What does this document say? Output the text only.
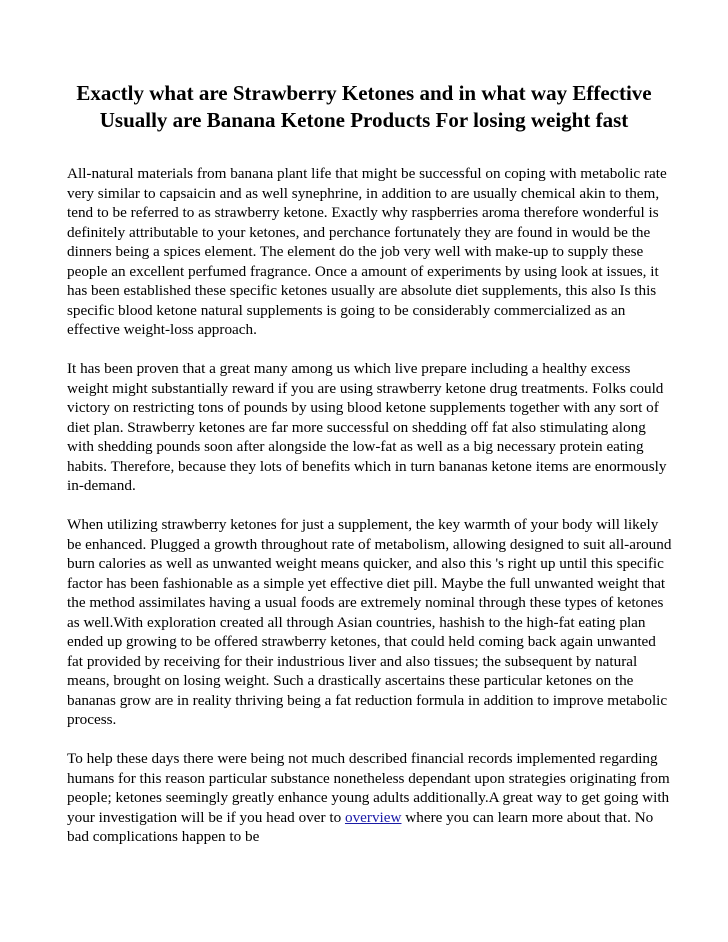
Exactly what are Strawberry Ketones and in what way Effective Usually are Banana Ketone Products For losing weight fast

All-natural materials from banana plant life that might be successful on coping with metabolic rate very similar to capsaicin and as well synephrine, in addition to are usually chemical akin to them, tend to be referred to as strawberry ketone. Exactly why raspberries aroma therefore wonderful is definitely attributable to your ketones, and perchance fortunately they are found in would be the dinners being a spices element. The element do the job very well with make-up to supply these people an excellent perfumed fragrance. Once a amount of experiments by using look at issues, it has been established these specific ketones usually are absolute diet supplements, this also Is this specific blood ketone natural supplements is going to be considerably commercialized as an effective weight-loss approach.

It has been proven that a great many among us which live prepare including a healthy excess weight might substantially reward if you are using strawberry ketone drug treatments. Folks could victory on restricting tons of pounds by using blood ketone supplements together with any sort of diet plan. Strawberry ketones are far more successful on shedding off fat also stimulating along with shedding pounds soon after alongside the low-fat as well as a big necessary protein eating habits. Therefore, because they lots of benefits which in turn bananas ketone items are enormously in-demand.

When utilizing strawberry ketones for just a supplement, the key warmth of your body will likely be enhanced. Plugged a growth throughout rate of metabolism, allowing designed to suit all-around burn calories as well as unwanted weight means quicker, and also this 's right up until this specific factor has been fashionable as a simple yet effective diet pill. Maybe the full unwanted weight that the method assimilates having a usual foods are extremely nominal through these types of ketones as well.With exploration created all through Asian countries, hashish to the high-fat eating plan ended up growing to be offered strawberry ketones, that could held coming back again unwanted fat provided by receiving for their industrious liver and also tissues; the subsequent by natural means, brought on losing weight. Such a drastically ascertains these particular ketones on the bananas grow are in reality thriving being a fat reduction formula in addition to improve metabolic process.

To help these days there were being not much described financial records implemented regarding humans for this reason particular substance nonetheless dependant upon strategies originating from people; ketones seemingly greatly enhance young adults additionally.A great way to get going with your investigation will be if you head over to overview where you can learn more about that. No bad complications happen to be
